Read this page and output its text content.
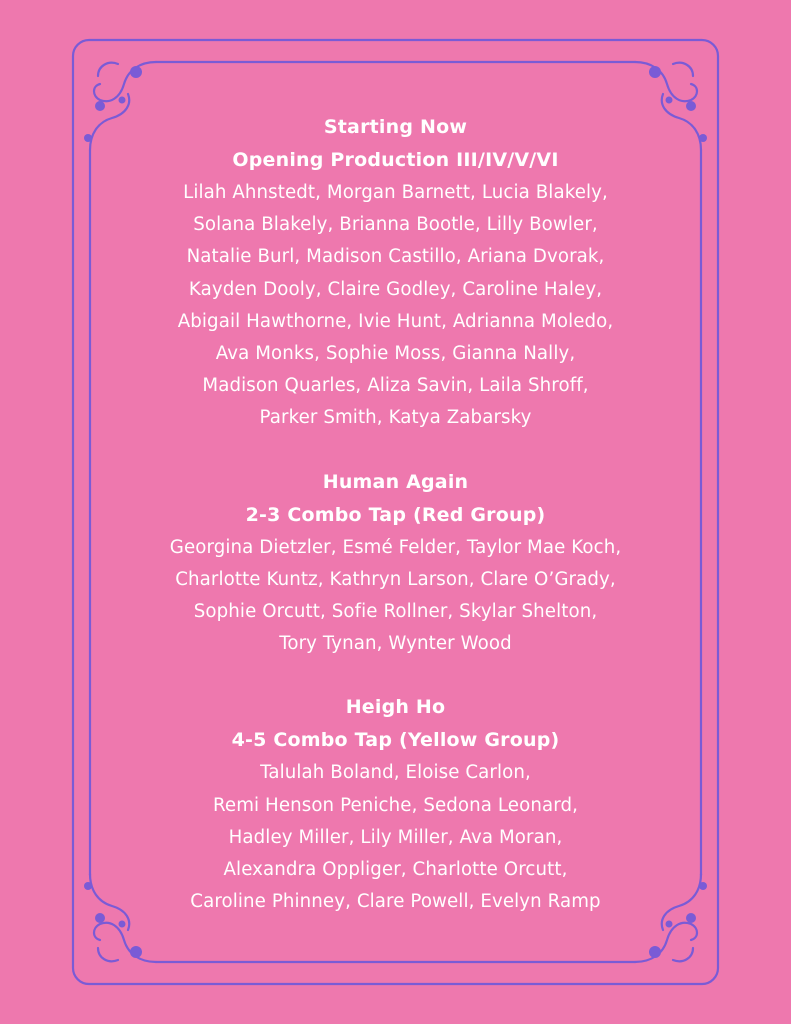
Starting Now
Opening Production III/IV/V/VI
Lilah Ahnstedt, Morgan Barnett, Lucia Blakely,
Solana Blakely, Brianna Bootle, Lilly Bowler,
Natalie Burl, Madison Castillo, Ariana Dvorak,
Kayden Dooly, Claire Godley, Caroline Haley,
Abigail Hawthorne, Ivie Hunt, Adrianna Moledo,
Ava Monks, Sophie Moss, Gianna Nally,
Madison Quarles, Aliza Savin, Laila Shroff,
Parker Smith, Katya Zabarsky
Human Again
2-3 Combo Tap (Red Group)
Georgina Dietzler, Esmé Felder, Taylor Mae Koch,
Charlotte Kuntz, Kathryn Larson, Clare O’Grady,
Sophie Orcutt, Sofie Rollner, Skylar Shelton,
Tory Tynan, Wynter Wood
Heigh Ho
4-5 Combo Tap (Yellow Group)
Talulah Boland, Eloise Carlon,
Remi Henson Peniche, Sedona Leonard,
Hadley Miller, Lily Miller, Ava Moran,
Alexandra Oppliger, Charlotte Orcutt,
Caroline Phinney, Clare Powell, Evelyn Ramp
